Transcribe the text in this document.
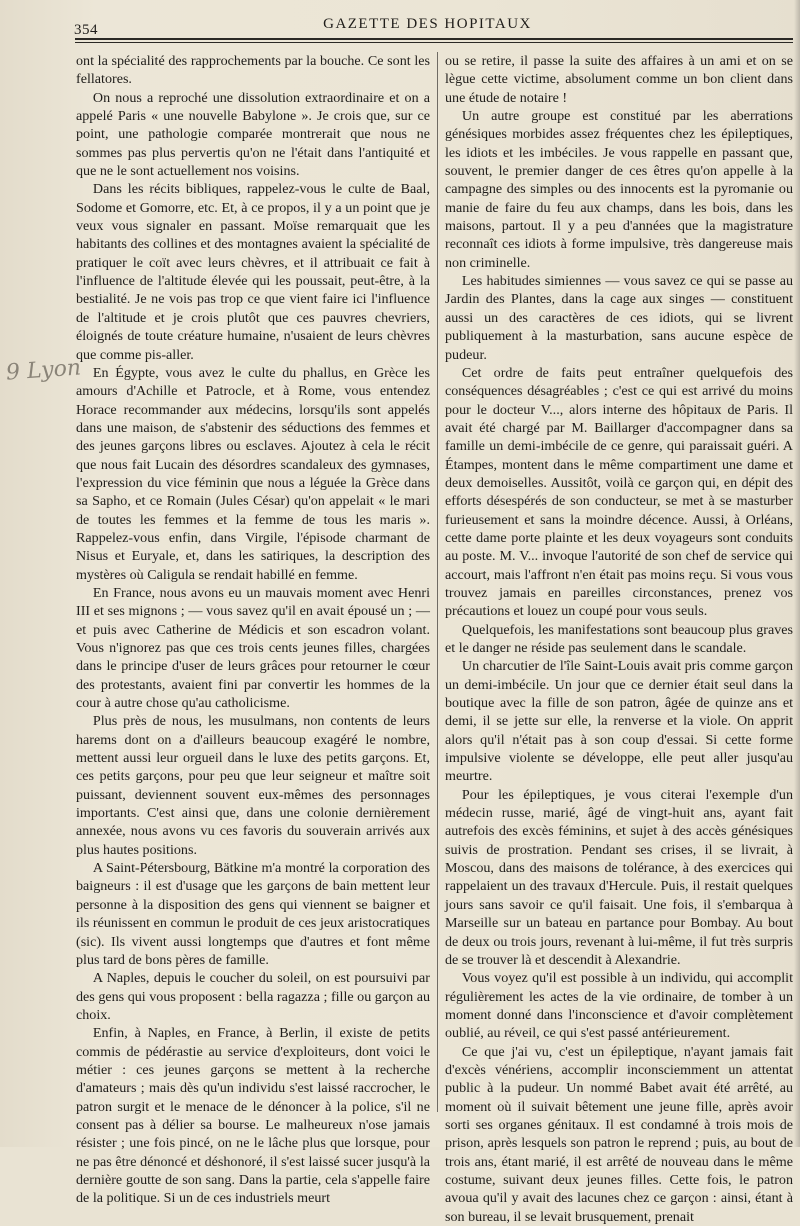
354	GAZETTE DES HOPITAUX
9 Lyon

ont la spécialité des rapprochements par la bouche. Ce sont les fellatores.

On nous a reproché une dissolution extraordinaire et on a appelé Paris « une nouvelle Babylone ». Je crois que, sur ce point, une pathologie comparée montrerait que nous ne sommes pas plus pervertis qu'on ne l'était dans l'antiquité et que ne le sont actuellement nos voisins.

Dans les récits bibliques, rappelez-vous le culte de Baal, Sodome et Gomorre, etc. Et, à ce propos, il y a un point que je veux vous signaler en passant. Moïse remarquait que les habitants des collines et des montagnes avaient la spécialité de pratiquer le coït avec leurs chèvres, et il attribuait ce fait à l'influence de l'altitude élevée qui les poussait, peut-être, à la bestialité. Je ne vois pas trop ce que vient faire ici l'influence de l'altitude et je crois plutôt que ces pauvres chevriers, éloignés de toute créature humaine, n'usaient de leurs chèvres que comme pis-aller.

En Égypte, vous avez le culte du phallus, en Grèce les amours d'Achille et Patrocle, et à Rome, vous entendez Horace recommander aux médecins, lorsqu'ils sont appelés dans une maison, de s'abstenir des séductions des femmes et des jeunes garçons libres ou esclaves. Ajoutez à cela le récit que nous fait Lucain des désordres scandaleux des gymnases, l'expression du vice féminin que nous a léguée la Grèce dans sa Sapho, et ce Romain (Jules César) qu'on appelait « le mari de toutes les femmes et la femme de tous les maris ». Rappelez-vous enfin, dans Virgile, l'épisode charmant de Nisus et Euryale, et, dans les satiriques, la description des mystères où Caligula se rendait habillé en femme.

En France, nous avons eu un mauvais moment avec Henri III et ses mignons ; — vous savez qu'il en avait épousé un ; — et puis avec Catherine de Médicis et son escadron volant. Vous n'ignorez pas que ces trois cents jeunes filles, chargées dans le principe d'user de leurs grâces pour retourner le cœur des protestants, avaient fini par convertir les hommes de la cour à autre chose qu'au catholicisme.

Plus près de nous, les musulmans, non contents de leurs harems dont on a d'ailleurs beaucoup exagéré le nombre, mettent aussi leur orgueil dans le luxe des petits garçons. Et, ces petits garçons, pour peu que leur seigneur et maître soit puissant, deviennent souvent eux-mêmes des personnages importants. C'est ainsi que, dans une colonie dernièrement annexée, nous avons vu ces favoris du souverain arrivés aux plus hautes positions.

A Saint-Pétersbourg, Bätkine m'a montré la corporation des baigneurs : il est d'usage que les garçons de bain mettent leur personne à la disposition des gens qui viennent se baigner et ils réunissent en commun le produit de ces jeux aristocratiques (sic). Ils vivent aussi longtemps que d'autres et font même plus tard de bons pères de famille.

A Naples, depuis le coucher du soleil, on est poursuivi par des gens qui vous proposent : bella ragazza ; fille ou garçon au choix.

Enfin, à Naples, en France, à Berlin, il existe de petits commis de pédérastie au service d'exploiteurs, dont voici le métier : ces jeunes garçons se mettent à la recherche d'amateurs ; mais dès qu'un individu s'est laissé raccrocher, le patron surgit et le menace de le dénoncer à la police, s'il ne consent pas à délier sa bourse. Le malheureux n'ose jamais résister ; une fois pincé, on ne le lâche plus que lorsque, pour ne pas être dénoncé et déshonoré, il s'est laissé sucer jusqu'à la dernière goutte de son sang. Dans la partie, cela s'appelle faire de la politique. Si un de ces industriels meurt

ou se retire, il passe la suite des affaires à un ami et on se lègue cette victime, absolument comme un bon client dans une étude de notaire !

Un autre groupe est constitué par les aberrations génésiques morbides assez fréquentes chez les épileptiques, les idiots et les imbéciles. Je vous rappelle en passant que, souvent, le premier danger de ces êtres qu'on appelle à la campagne des simples ou des innocents est la pyromanie ou manie de faire du feu aux champs, dans les bois, dans les maisons, partout. Il y a peu d'années que la magistrature reconnaît ces idiots à forme impulsive, très dangereuse mais non criminelle.

Les habitudes simiennes — vous savez ce qui se passe au Jardin des Plantes, dans la cage aux singes — constituent aussi un des caractères de ces idiots, qui se livrent publiquement à la masturbation, sans aucune espèce de pudeur.

Cet ordre de faits peut entraîner quelquefois des conséquences désagréables ; c'est ce qui est arrivé du moins pour le docteur V..., alors interne des hôpitaux de Paris. Il avait été chargé par M. Baillarger d'accompagner dans sa famille un demi-imbécile de ce genre, qui paraissait guéri. A Étampes, montent dans le même compartiment une dame et deux demoiselles. Aussitôt, voilà ce garçon qui, en dépit des efforts désespérés de son conducteur, se met à se masturber furieusement et sans la moindre décence. Aussi, à Orléans, cette dame porte plainte et les deux voyageurs sont conduits au poste. M. V... invoque l'autorité de son chef de service qui accourt, mais l'affront n'en était pas moins reçu. Si vous vous trouvez jamais en pareilles circonstances, prenez vos précautions et louez un coupé pour vous seuls.

Quelquefois, les manifestations sont beaucoup plus graves et le danger ne réside pas seulement dans le scandale.

Un charcutier de l'île Saint-Louis avait pris comme garçon un demi-imbécile. Un jour que ce dernier était seul dans la boutique avec la fille de son patron, âgée de quinze ans et demi, il se jette sur elle, la renverse et la viole. On apprit alors qu'il n'était pas à son coup d'essai. Si cette forme impulsive violente se développe, elle peut aller jusqu'au meurtre.

Pour les épileptiques, je vous citerai l'exemple d'un médecin russe, marié, âgé de vingt-huit ans, ayant fait autrefois des excès féminins, et sujet à des accès génésiques suivis de prostration. Pendant ses crises, il se livrait, à Moscou, dans des maisons de tolérance, à des exercices qui rappelaient un des travaux d'Hercule. Puis, il restait quelques jours sans savoir ce qu'il faisait. Une fois, il s'embarqua à Marseille sur un bateau en partance pour Bombay. Au bout de deux ou trois jours, revenant à lui-même, il fut très surpris de se trouver là et descendit à Alexandrie.

Vous voyez qu'il est possible à un individu, qui accomplit régulièrement les actes de la vie ordinaire, de tomber à un moment donné dans l'inconscience et d'avoir complètement oublié, au réveil, ce qui s'est passé antérieurement.

Ce que j'ai vu, c'est un épileptique, n'ayant jamais fait d'excès vénériens, accomplir inconsciemment un attentat public à la pudeur. Un nommé Babet avait été arrêté, au moment où il suivait bêtement une jeune fille, après avoir sorti ses organes génitaux. Il est condamné à trois mois de prison, après lesquels son patron le reprend ; puis, au bout de trois ans, étant marié, il est arrêté de nouveau dans le même costume, suivant deux jeunes filles. Cette fois, le patron avoua qu'il y avait des lacunes chez ce garçon : ainsi, étant à son bureau, il se levait brusquement, prenait
